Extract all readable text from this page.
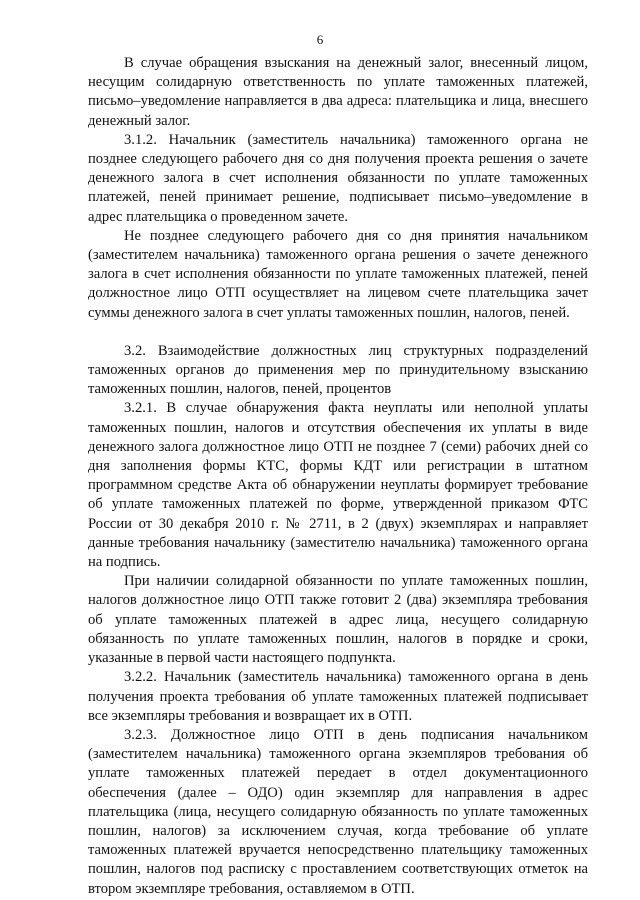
6

В случае обращения взыскания на денежный залог, внесенный лицом, несущим солидарную ответственность по уплате таможенных платежей, письмо–уведомление направляется в два адреса: плательщика и лица, внесшего денежный залог.

3.1.2. Начальник (заместитель начальника) таможенного органа не позднее следующего рабочего дня со дня получения проекта решения о зачете денежного залога в счет исполнения обязанности по уплате таможенных платежей, пеней принимает решение, подписывает письмо–уведомление в адрес плательщика о проведенном зачете.

Не позднее следующего рабочего дня со дня принятия начальником (заместителем начальника) таможенного органа решения о зачете денежного залога в счет исполнения обязанности по уплате таможенных платежей, пеней должностное лицо ОТП осуществляет на лицевом счете плательщика зачет суммы денежного залога в счет уплаты таможенных пошлин, налогов, пеней.

3.2. Взаимодействие должностных лиц структурных подразделений таможенных органов до применения мер по принудительному взысканию таможенных пошлин, налогов, пеней, процентов

3.2.1. В случае обнаружения факта неуплаты или неполной уплаты таможенных пошлин, налогов и отсутствия обеспечения их уплаты в виде денежного залога должностное лицо ОТП не позднее 7 (семи) рабочих дней со дня заполнения формы КТС, формы КДТ или регистрации в штатном программном средстве Акта об обнаружении неуплаты формирует требование об уплате таможенных платежей по форме, утвержденной приказом ФТС России от 30 декабря 2010 г. № 2711, в 2 (двух) экземплярах и направляет данные требования начальнику (заместителю начальника) таможенного органа на подпись.

При наличии солидарной обязанности по уплате таможенных пошлин, налогов должностное лицо ОТП также готовит 2 (два) экземпляра требования об уплате таможенных платежей в адрес лица, несущего солидарную обязанность по уплате таможенных пошлин, налогов в порядке и сроки, указанные в первой части настоящего подпункта.

3.2.2. Начальник (заместитель начальника) таможенного органа в день получения проекта требования об уплате таможенных платежей подписывает все экземпляры требования и возвращает их в ОТП.

3.2.3. Должностное лицо ОТП в день подписания начальником (заместителем начальника) таможенного органа экземпляров требования об уплате таможенных платежей передает в отдел документационного обеспечения (далее – ОДО) один экземпляр для направления в адрес плательщика (лица, несущего солидарную обязанность по уплате таможенных пошлин, налогов) за исключением случая, когда требование об уплате таможенных платежей вручается непосредственно плательщику таможенных пошлин, налогов под расписку с проставлением соответствующих отметок на втором экземпляре требования, оставляемом в ОТП.
